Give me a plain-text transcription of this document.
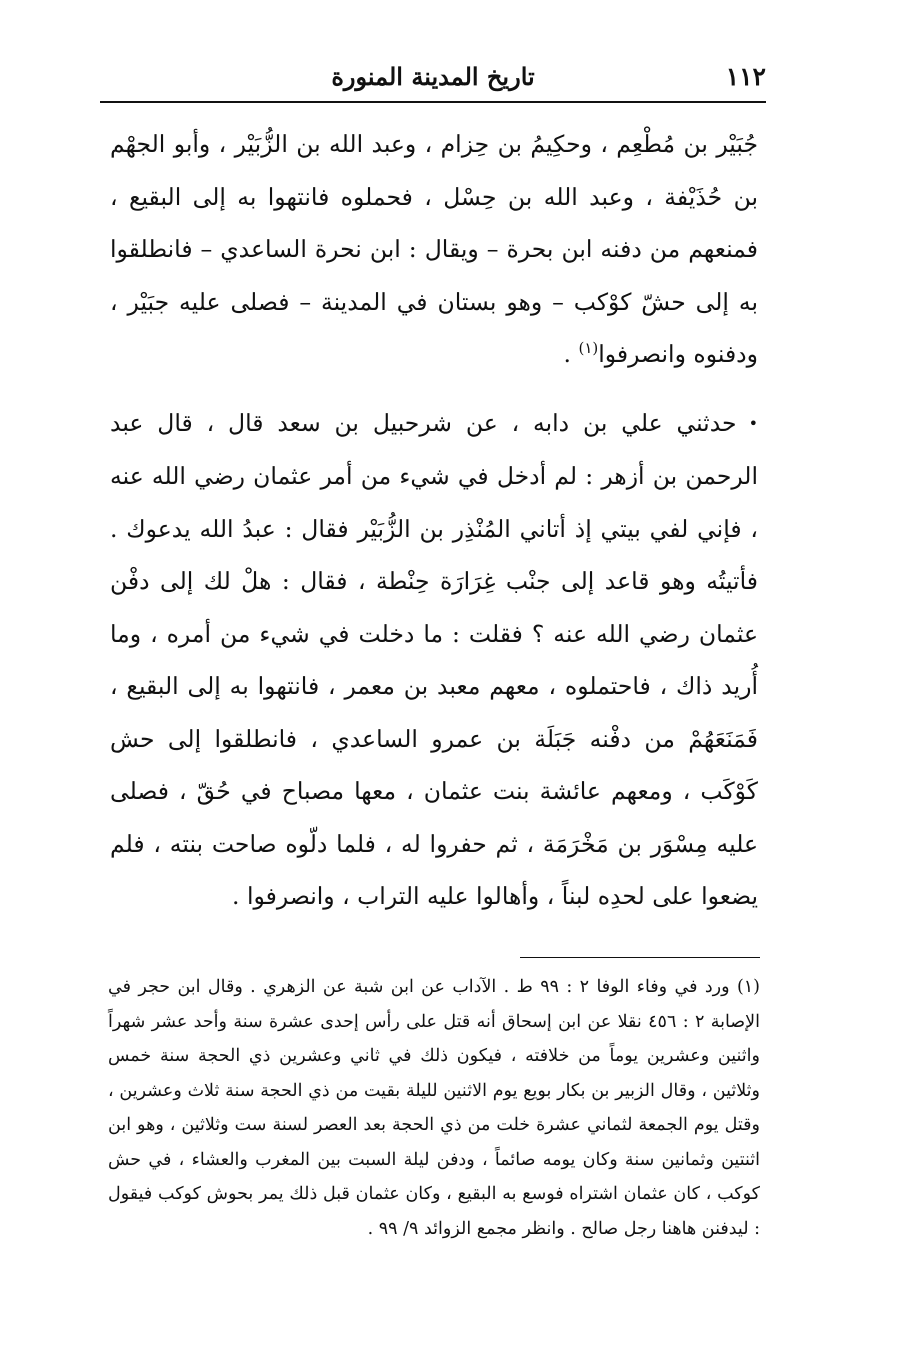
١١٢
تاريخ المدينة المنورة

جُبَيْر بن مُطْعِم ، وحكِيمُ بن حِزام ، وعبد الله بن الزُّبَيْر ، وأبو الجهْم بن حُذَيْفة ، وعبد الله بن حِسْل ، فحملوه فانتهوا به إلى البقيع ، فمنعهم من دفنه ابن بحرة – ويقال : ابن نحرة الساعدي – فانطلقوا به إلى حشّ كوْكب – وهو بستان في المدينة – فصلى عليه جبَيْر ، ودفنوه وانصرفوا$^{(١)}$ .

•حدثني علي بن دابه ، عن شرحبيل بن سعد قال ، قال عبد الرحمن بن أزهر : لم أدخل في شيء من أمر عثمان رضي الله عنه ، فإني لفي بيتي إذ أتاني المُنْذِر بن الزُّبَيْر فقال : عبدُ الله يدعوك . فأتيتُه وهو قاعد إلى جنْب غِرَارَة حِنْطة ، فقال : هلْ لك إلى دفْن عثمان رضي الله عنه ؟ فقلت : ما دخلت في شيء من أمره ، وما أُريد ذاك ، فاحتملوه ، معهم معبد بن معمر ، فانتهوا به إلى البقيع ، فَمَنَعَهُمْ من دفْنه جَبَلَة بن عمرو الساعدي ، فانطلقوا إلى حش كَوْكَب ، ومعهم عائشة بنت عثمان ، معها مصباح في حُقّ ، فصلى عليه مِسْوَر بن مَخْرَمَة ، ثم حفروا له ، فلما دلّوه صاحت بنته ، فلم يضعوا على لحدِه لبناً ، وأهالوا عليه التراب ، وانصرفوا .

(١) ورد في وفاء الوفا ٢ : ٩٩ ط . الآداب عن ابن شبة عن الزهري . وقال ابن حجر في الإصابة ٢ : ٤٥٦ نقلا عن ابن إسحاق أنه قتل على رأس إحدى عشرة سنة وأحد عشر شهراً واثنين وعشرين يوماً من خلافته ، فيكون ذلك في ثاني وعشرين ذي الحجة سنة خمس وثلاثين ، وقال الزبير بن بكار بويع يوم الاثنين لليلة بقيت من ذي الحجة سنة ثلاث وعشرين ، وقتل يوم الجمعة لثماني عشرة خلت من ذي الحجة بعد العصر لسنة ست وثلاثين ، وهو ابن اثنتين وثمانين سنة وكان يومه صائماً ، ودفن ليلة السبت بين المغرب والعشاء ، في حش كوكب ، كان عثمان اشتراه فوسع به البقيع ، وكان عثمان قبل ذلك يمر بحوش كوكب فيقول : ليدفنن هاهنا رجل صالح . وانظر مجمع الزوائد ٩/ ٩٩ .
